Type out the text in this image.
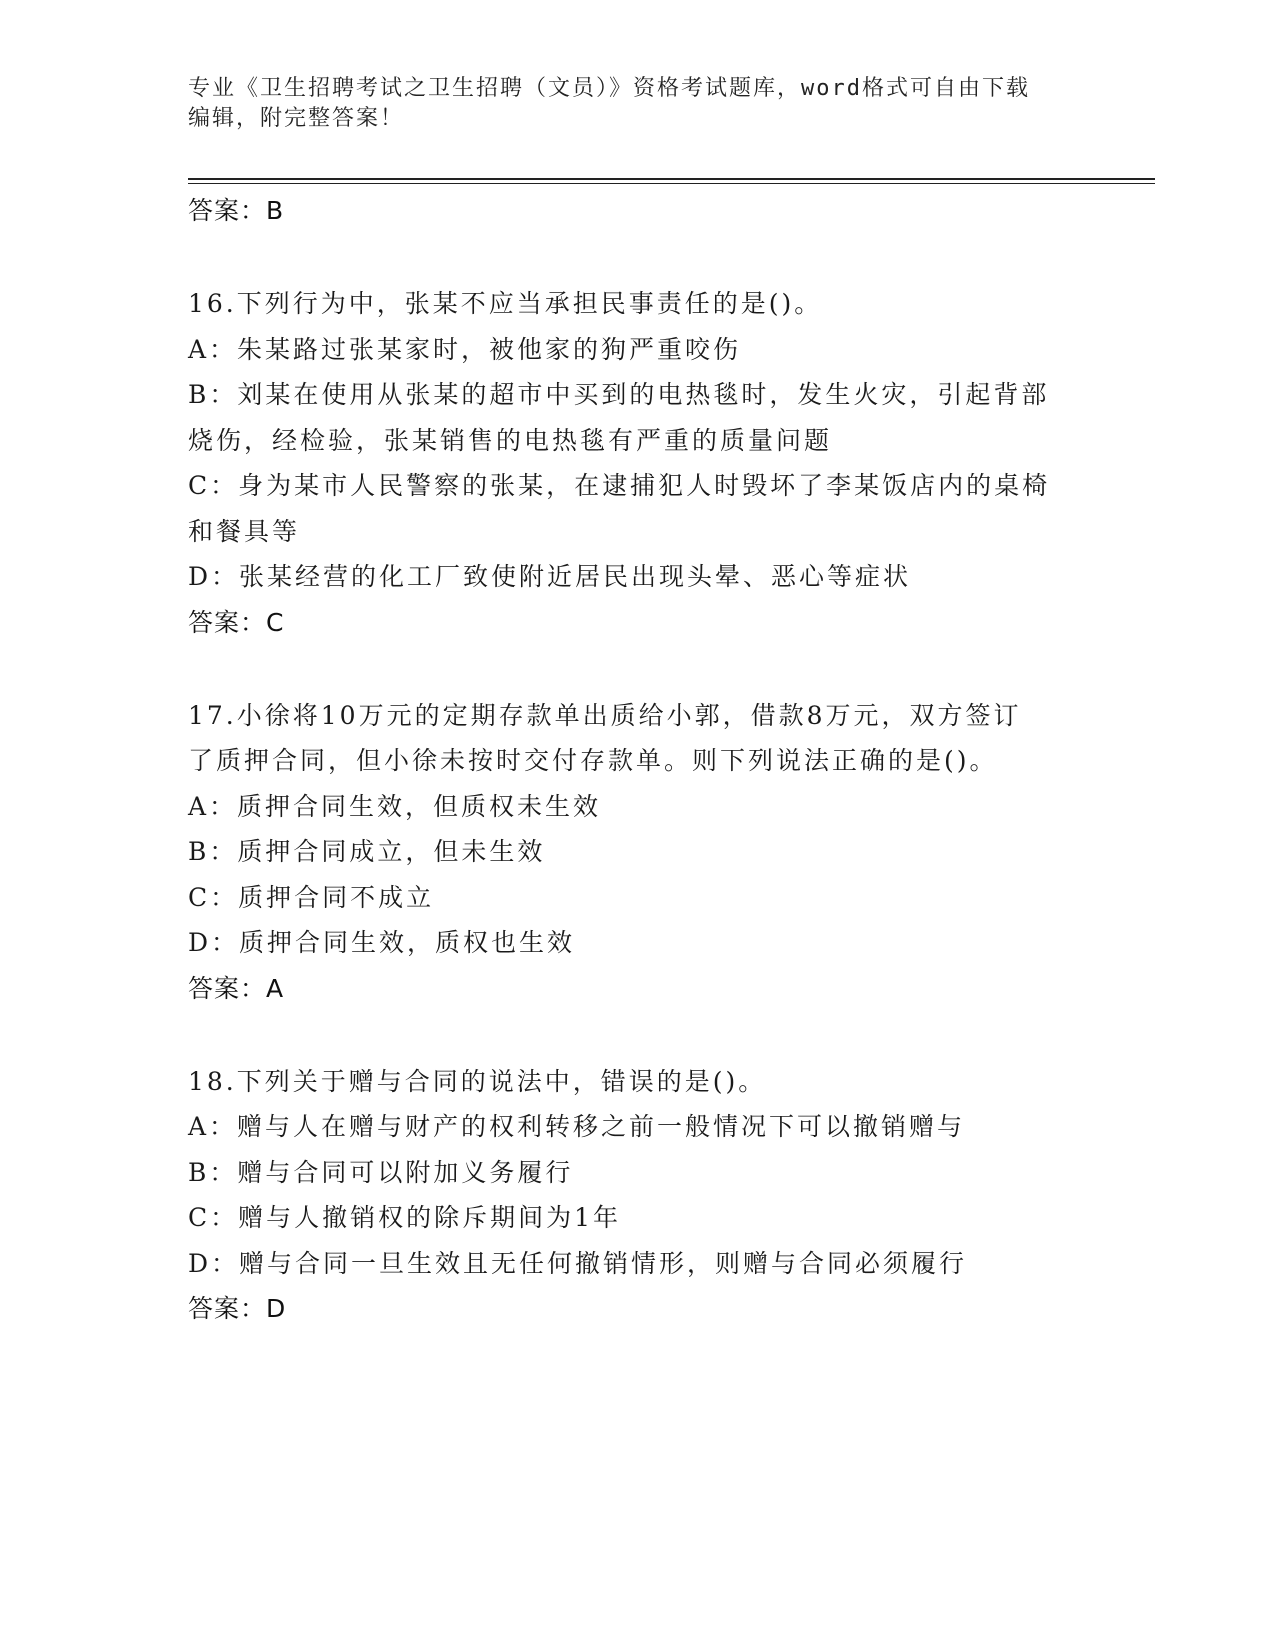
专业《卫生招聘考试之卫生招聘（文员）》资格考试题库，word格式可自由下载
编辑，附完整答案！
答案：B
16.下列行为中，张某不应当承担民事责任的是()。
A：朱某路过张某家时，被他家的狗严重咬伤
B：刘某在使用从张某的超市中买到的电热毯时，发生火灾，引起背部
烧伤，经检验，张某销售的电热毯有严重的质量问题
C：身为某市人民警察的张某，在逮捕犯人时毁坏了李某饭店内的桌椅
和餐具等
D：张某经营的化工厂致使附近居民出现头晕、恶心等症状
答案：C
17.小徐将10万元的定期存款单出质给小郭，借款8万元，双方签订
了质押合同，但小徐未按时交付存款单。则下列说法正确的是()。
A：质押合同生效，但质权未生效
B：质押合同成立，但未生效
C：质押合同不成立
D：质押合同生效，质权也生效
答案：A
18.下列关于赠与合同的说法中，错误的是()。
A：赠与人在赠与财产的权利转移之前一般情况下可以撤销赠与
B：赠与合同可以附加义务履行
C：赠与人撤销权的除斥期间为1年
D：赠与合同一旦生效且无任何撤销情形，则赠与合同必须履行
答案：D
